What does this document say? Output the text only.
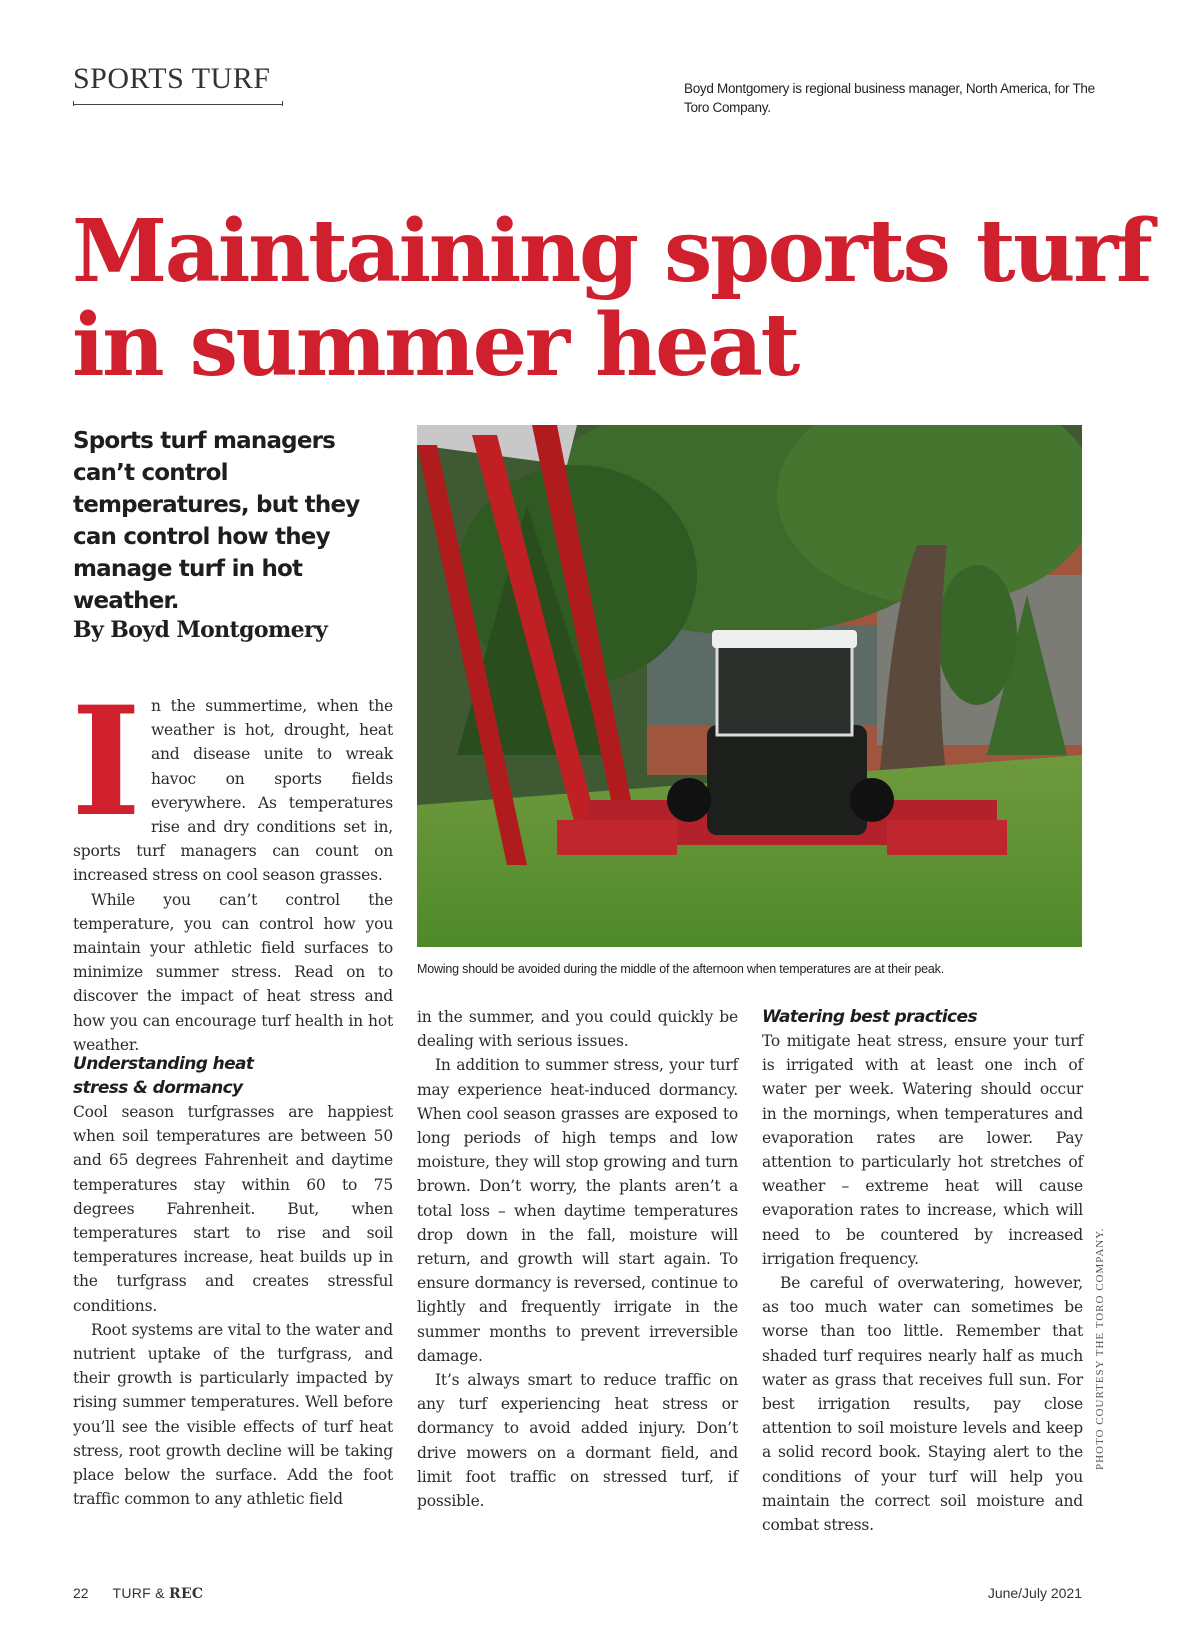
SPORTS TURF	Boyd Montgomery is regional business manager, North America, for The Toro Company.

Maintaining sports turf in summer heat

Sports turf managers can’t control temperatures, but they can control how they manage turf in hot weather.

By Boyd Montgomery

Mowing should be avoided during the middle of the afternoon when temperatures are at their peak.

I n the summertime, when the weather is hot, drought, heat and disease unite to wreak havoc on sports fields everywhere. As temperatures rise and dry conditions set in, sports turf managers can count on increased stress on cool season grasses.

While you can’t control the temperature, you can control how you maintain your athletic field surfaces to minimize summer stress. Read on to discover the impact of heat stress and how you can encourage turf health in hot weather.

Understanding heat
stress & dormancy

Cool season turfgrasses are happiest when soil temperatures are between 50 and 65 degrees Fahrenheit and daytime temperatures stay within 60 to 75 degrees Fahrenheit. But, when temperatures start to rise and soil temperatures increase, heat builds up in the turfgrass and creates stressful conditions.

Root systems are vital to the water and nutrient uptake of the turfgrass, and their growth is particularly impacted by rising summer temperatures. Well before you’ll see the visible effects of turf heat stress, root growth decline will be taking place below the surface. Add the foot traffic common to any athletic field

in the summer, and you could quickly be dealing with serious issues.

In addition to summer stress, your turf may experience heat-induced dormancy. When cool season grasses are exposed to long periods of high temps and low moisture, they will stop growing and turn brown. Don’t worry, the plants aren’t a total loss – when daytime temperatures drop down in the fall, moisture will return, and growth will start again. To ensure dormancy is reversed, continue to lightly and frequently irrigate in the summer months to prevent irreversible damage.

It’s always smart to reduce traffic on any turf experiencing heat stress or dormancy to avoid added injury. Don’t drive mowers on a dormant field, and limit foot traffic on stressed turf, if possible.

Watering best practices

To mitigate heat stress, ensure your turf is irrigated with at least one inch of water per week. Watering should occur in the mornings, when temperatures and evaporation rates are lower. Pay attention to particularly hot stretches of weather – extreme heat will cause evaporation rates to increase, which will need to be countered by increased irrigation frequency.

Be careful of overwatering, however, as too much water can sometimes be worse than too little. Remember that shaded turf requires nearly half as much water as grass that receives full sun. For best irrigation results, pay close attention to soil moisture levels and keep a solid record book. Staying alert to the conditions of your turf will help you maintain the correct soil moisture and combat stress.

PHOTO COURTESY THE TORO COMPANY.

22 TURF & REC	June/July 2021
